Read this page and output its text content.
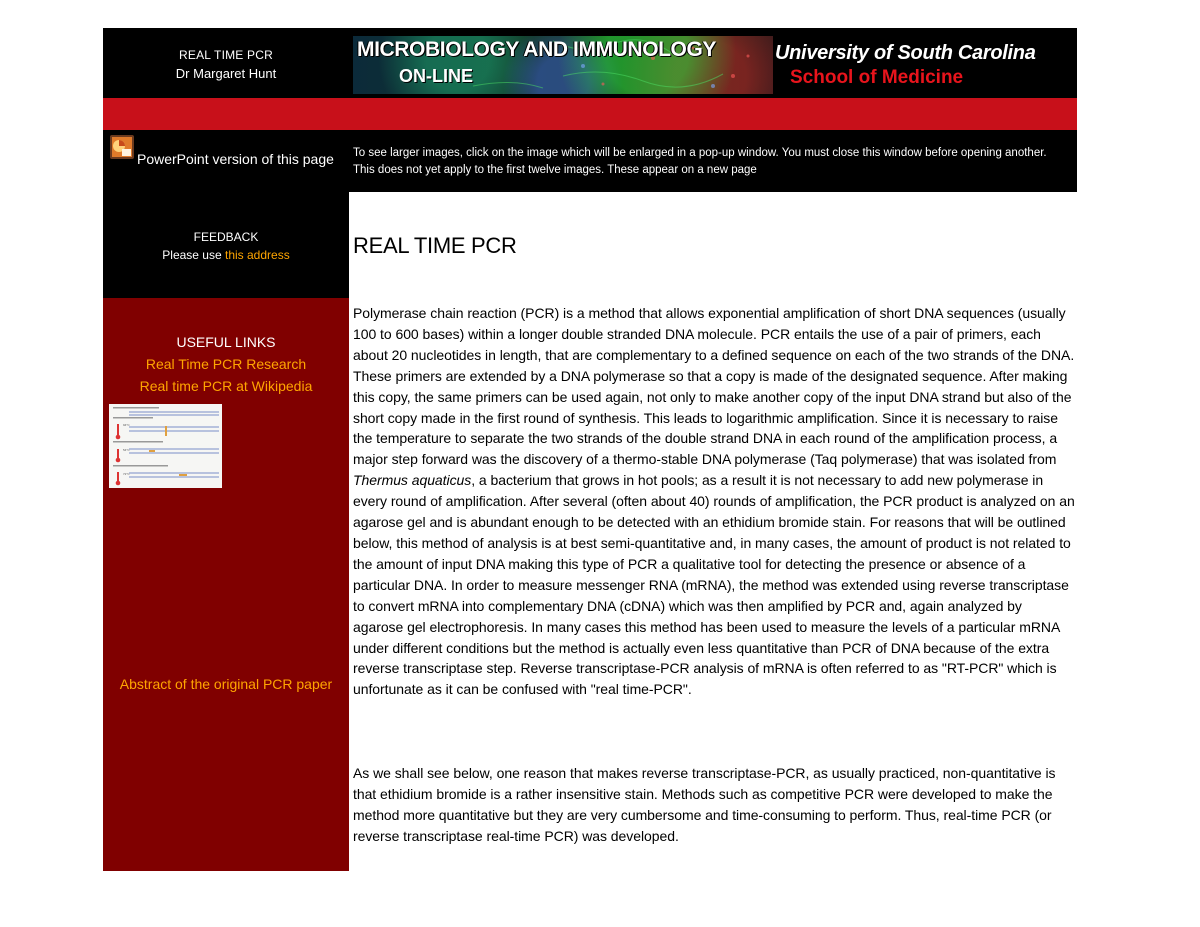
REAL TIME PCR
Dr Margaret Hunt
MICROBIOLOGY AND IMMUNOLOGY
ON-LINE
University of South Carolina
School of Medicine
PowerPoint version of this page
FEEDBACK
Please use this address
USEFUL LINKS
Real Time PCR Research
Real time PCR at Wikipedia
94°C
54°C
72°C
Abstract of the original PCR paper
To see larger images, click on the image which will be enlarged in a pop-up window. You must close this window before opening another. This does not yet apply to the first twelve images. These appear on a new page
REAL TIME PCR
Polymerase chain reaction (PCR) is a method that allows exponential amplification of short DNA sequences (usually 100 to 600 bases) within a longer double stranded DNA molecule. PCR entails the use of a pair of primers, each about 20 nucleotides in length, that are complementary to a defined sequence on each of the two strands of the DNA. These primers are extended by a DNA polymerase so that a copy is made of the designated sequence. After making this copy, the same primers can be used again, not only to make another copy of the input DNA strand but also of the short copy made in the first round of synthesis. This leads to logarithmic amplification. Since it is necessary to raise the temperature to separate the two strands of the double strand DNA in each round of the amplification process, a major step forward was the discovery of a thermo-stable DNA polymerase (Taq polymerase) that was isolated from Thermus aquaticus, a bacterium that grows in hot pools; as a result it is not necessary to add new polymerase in every round of amplification. After several (often about 40) rounds of amplification, the PCR product is analyzed on an agarose gel and is abundant enough to be detected with an ethidium bromide stain. For reasons that will be outlined below, this method of analysis is at best semi-quantitative and, in many cases, the amount of product is not related to the amount of input DNA making this type of PCR a qualitative tool for detecting the presence or absence of a particular DNA. In order to measure messenger RNA (mRNA), the method was extended using reverse transcriptase to convert mRNA into complementary DNA (cDNA) which was then amplified by PCR and, again analyzed by agarose gel electrophoresis. In many cases this method has been used to measure the levels of a particular mRNA under different conditions but the method is actually even less quantitative than PCR of DNA because of the extra reverse transcriptase step. Reverse transcriptase-PCR analysis of mRNA is often referred to as "RT-PCR" which is unfortunate as it can be confused with "real time-PCR".
As we shall see below, one reason that makes reverse transcriptase-PCR, as usually practiced, non-quantitative is that ethidium bromide is a rather insensitive stain. Methods such as competitive PCR were developed to make the method more quantitative but they are very cumbersome and time-consuming to perform. Thus, real-time PCR (or reverse transcriptase real-time PCR) was developed.
